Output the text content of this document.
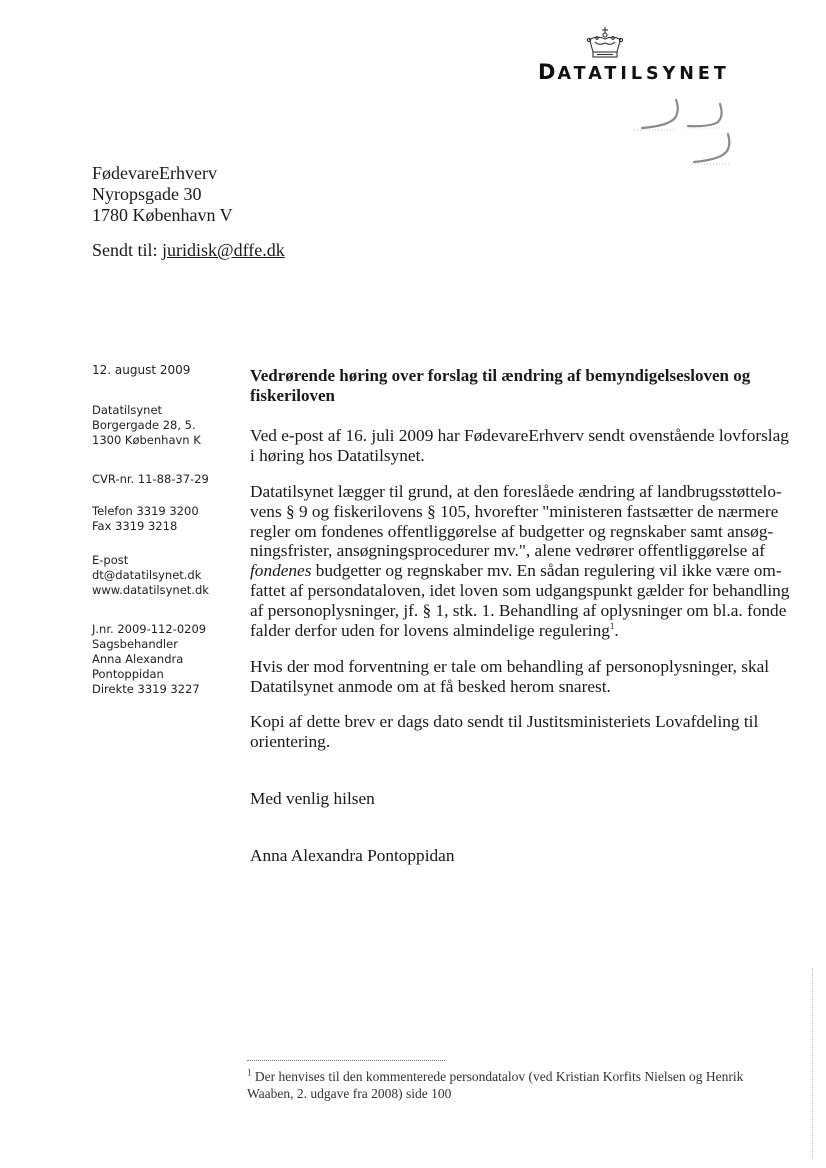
DATATILSYNET
FødevareErhverv
Nyropsgade 30
1780 København V
Sendt til: juridisk@dffe.dk
12. august 2009
Datatilsynet
Borgergade 28, 5.
1300 København K
CVR-nr. 11-88-37-29
Telefon 3319 3200
Fax 3319 3218
E-post
dt@datatilsynet.dk
www.datatilsynet.dk
J.nr. 2009-112-0209
Sagsbehandler
Anna Alexandra
Pontoppidan
Direkte 3319 3227
Vedrørende høring over forslag til ændring af bemyndigelsesloven og
fiskeriloven
Ved e-post af 16. juli 2009 har FødevareErhverv sendt ovenstående lovforslag
i høring hos Datatilsynet.
Datatilsynet lægger til grund, at den foreslåede ændring af landbrugsstøttelo-
vens § 9 og fiskerilovens § 105, hvorefter "ministeren fastsætter de nærmere
regler om fondenes offentliggørelse af budgetter og regnskaber samt ansøg-
ningsfrister, ansøgningsprocedurer mv.", alene vedrører offentliggørelse af
fondenes budgetter og regnskaber mv. En sådan regulering vil ikke være om-
fattet af persondataloven, idet loven som udgangspunkt gælder for behandling
af personoplysninger, jf. § 1, stk. 1. Behandling af oplysninger om bl.a. fonde
falder derfor uden for lovens almindelige regulering$^1$.
Hvis der mod forventning er tale om behandling af personoplysninger, skal
Datatilsynet anmode om at få besked herom snarest.
Kopi af dette brev er dags dato sendt til Justitsministeriets Lovafdeling til
orientering.
Med venlig hilsen
Anna Alexandra Pontoppidan
$^1$ Der henvises til den kommenterede persondatalov (ved Kristian Korfits Nielsen og Henrik
Waaben, 2. udgave fra 2008) side 100
